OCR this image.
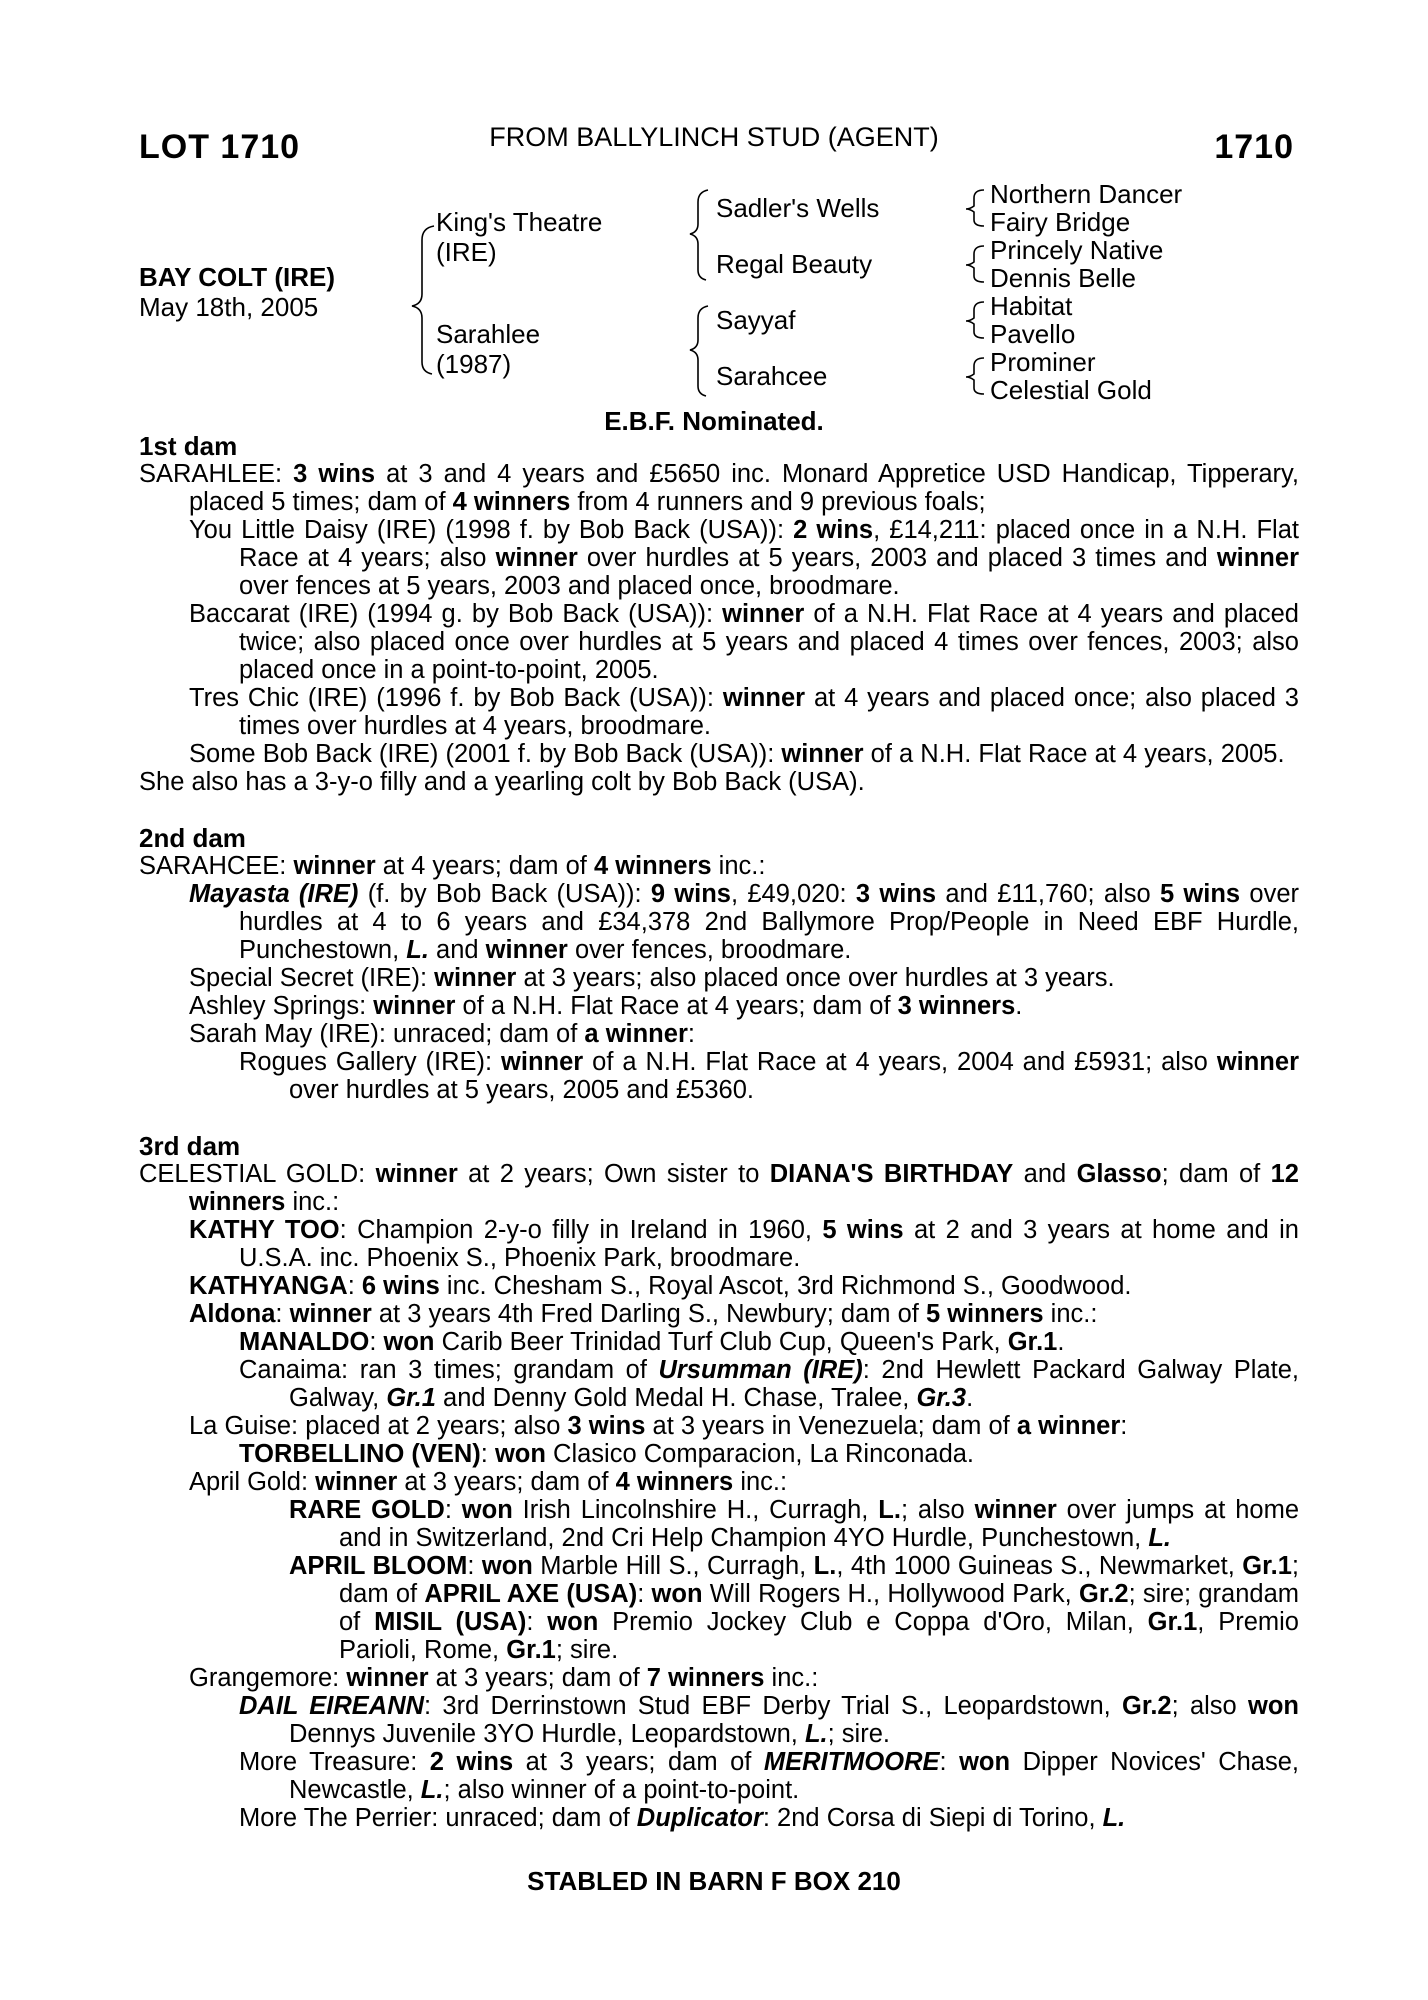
LOT 1710	FROM BALLYLINCH STUD (AGENT)	1710
BAY COLT (IRE)
May 18th, 2005
King's Theatre
(IRE)
Sarahlee
(1987)
Sadler's Wells
Regal Beauty
Sayyaf
Sarahcee
Northern Dancer
Fairy Bridge
Princely Native
Dennis Belle
Habitat
Pavello
Prominer
Celestial Gold
E.B.F. Nominated.

1st dam

SARAHLEE: 3 wins at 3 and 4 years and £5650 inc. Monard Appretice USD Handicap, Tipperary, placed 5 times; dam of 4 winners from 4 runners and 9 previous foals;

You Little Daisy (IRE) (1998 f. by Bob Back (USA)): 2 wins, £14,211: placed once in a N.H. Flat Race at 4 years; also winner over hurdles at 5 years, 2003 and placed 3 times and winner over fences at 5 years, 2003 and placed once, broodmare.

Baccarat (IRE) (1994 g. by Bob Back (USA)): winner of a N.H. Flat Race at 4 years and placed twice; also placed once over hurdles at 5 years and placed 4 times over fences, 2003; also placed once in a point-to-point, 2005.

Tres Chic (IRE) (1996 f. by Bob Back (USA)): winner at 4 years and placed once; also placed 3 times over hurdles at 4 years, broodmare.

Some Bob Back (IRE) (2001 f. by Bob Back (USA)): winner of a N.H. Flat Race at 4 years, 2005.

She also has a 3-y-o filly and a yearling colt by Bob Back (USA).

2nd dam

SARAHCEE: winner at 4 years; dam of 4 winners inc.:

Mayasta (IRE) (f. by Bob Back (USA)): 9 wins, £49,020: 3 wins and £11,760; also 5 wins over hurdles at 4 to 6 years and £34,378 2nd Ballymore Prop/People in Need EBF Hurdle, Punchestown, L. and winner over fences, broodmare.

Special Secret (IRE): winner at 3 years; also placed once over hurdles at 3 years.

Ashley Springs: winner of a N.H. Flat Race at 4 years; dam of 3 winners.

Sarah May (IRE): unraced; dam of a winner:

Rogues Gallery (IRE): winner of a N.H. Flat Race at 4 years, 2004 and £5931; also winner over hurdles at 5 years, 2005 and £5360.

3rd dam

CELESTIAL GOLD: winner at 2 years; Own sister to DIANA'S BIRTHDAY and Glasso; dam of 12 winners inc.:

KATHY TOO: Champion 2-y-o filly in Ireland in 1960, 5 wins at 2 and 3 years at home and in U.S.A. inc. Phoenix S., Phoenix Park, broodmare.

KATHYANGA: 6 wins inc. Chesham S., Royal Ascot, 3rd Richmond S., Goodwood.

Aldona: winner at 3 years 4th Fred Darling S., Newbury; dam of 5 winners inc.:

MANALDO: won Carib Beer Trinidad Turf Club Cup, Queen's Park, Gr.1.

Canaima: ran 3 times; grandam of Ursumman (IRE): 2nd Hewlett Packard Galway Plate, Galway, Gr.1 and Denny Gold Medal H. Chase, Tralee, Gr.3.

La Guise: placed at 2 years; also 3 wins at 3 years in Venezuela; dam of a winner:

TORBELLINO (VEN): won Clasico Comparacion, La Rinconada.

April Gold: winner at 3 years; dam of 4 winners inc.:

RARE GOLD: won Irish Lincolnshire H., Curragh, L.; also winner over jumps at home and in Switzerland, 2nd Cri Help Champion 4YO Hurdle, Punchestown, L.

APRIL BLOOM: won Marble Hill S., Curragh, L., 4th 1000 Guineas S., Newmarket, Gr.1; dam of APRIL AXE (USA): won Will Rogers H., Hollywood Park, Gr.2; sire; grandam of MISIL (USA): won Premio Jockey Club e Coppa d'Oro, Milan, Gr.1, Premio Parioli, Rome, Gr.1; sire.

Grangemore: winner at 3 years; dam of 7 winners inc.:

DAIL EIREANN: 3rd Derrinstown Stud EBF Derby Trial S., Leopardstown, Gr.2; also won Dennys Juvenile 3YO Hurdle, Leopardstown, L.; sire.

More Treasure: 2 wins at 3 years; dam of MERITMOORE: won Dipper Novices' Chase, Newcastle, L.; also winner of a point-to-point.

More The Perrier: unraced; dam of Duplicator: 2nd Corsa di Siepi di Torino, L.

STABLED IN BARN F BOX 210
